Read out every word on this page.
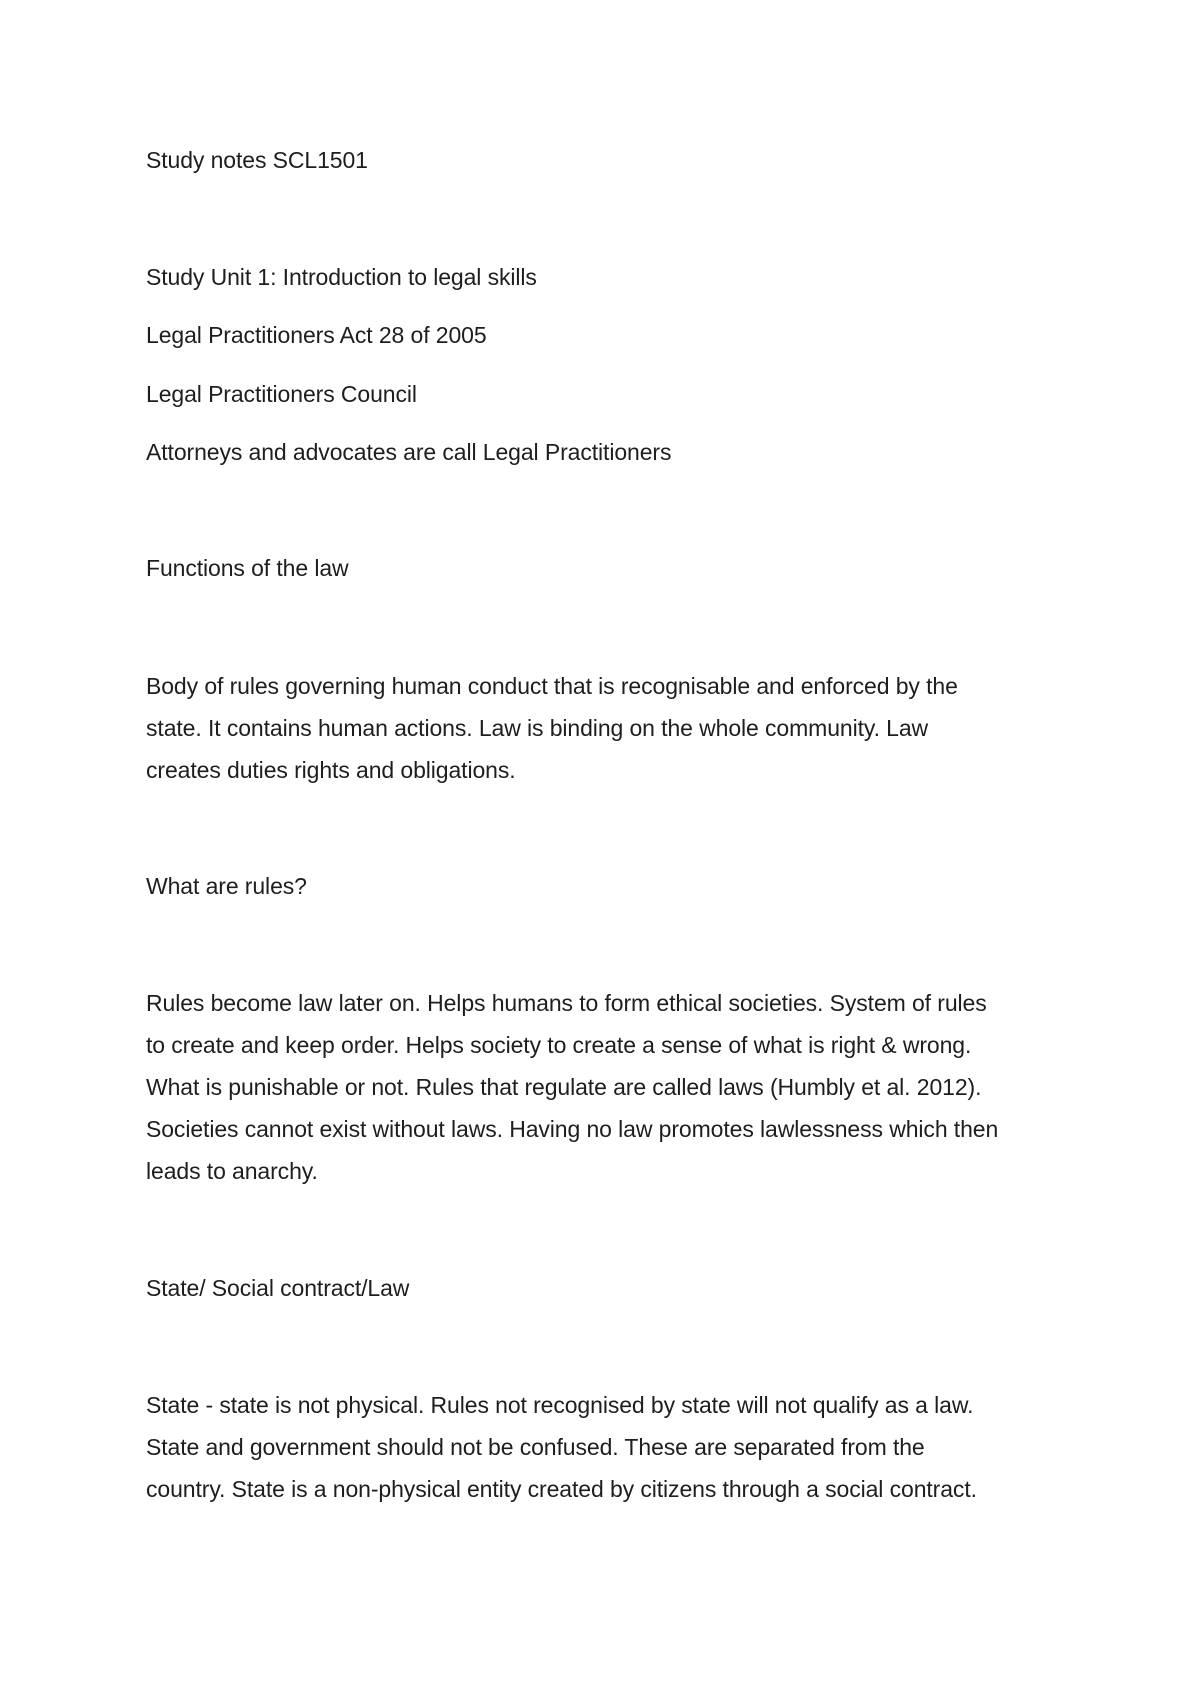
Study notes SCL1501

Study Unit 1: Introduction to legal skills

Legal Practitioners Act 28 of 2005

Legal Practitioners Council

Attorneys and advocates are call Legal Practitioners

Functions of the law

Body of rules governing human conduct that is recognisable and enforced by the
state. It contains human actions. Law is binding on the whole community. Law
creates duties rights and obligations.

What are rules?

Rules become law later on. Helps humans to form ethical societies. System of rules
to create and keep order. Helps society to create a sense of what is right & wrong.
What is punishable or not. Rules that regulate are called laws (Humbly et al. 2012).
Societies cannot exist without laws. Having no law promotes lawlessness which then
leads to anarchy.

State/ Social contract/Law

State - state is not physical. Rules not recognised by state will not qualify as a law.
State and government should not be confused. These are separated from the
country. State is a non-physical entity created by citizens through a social contract.
